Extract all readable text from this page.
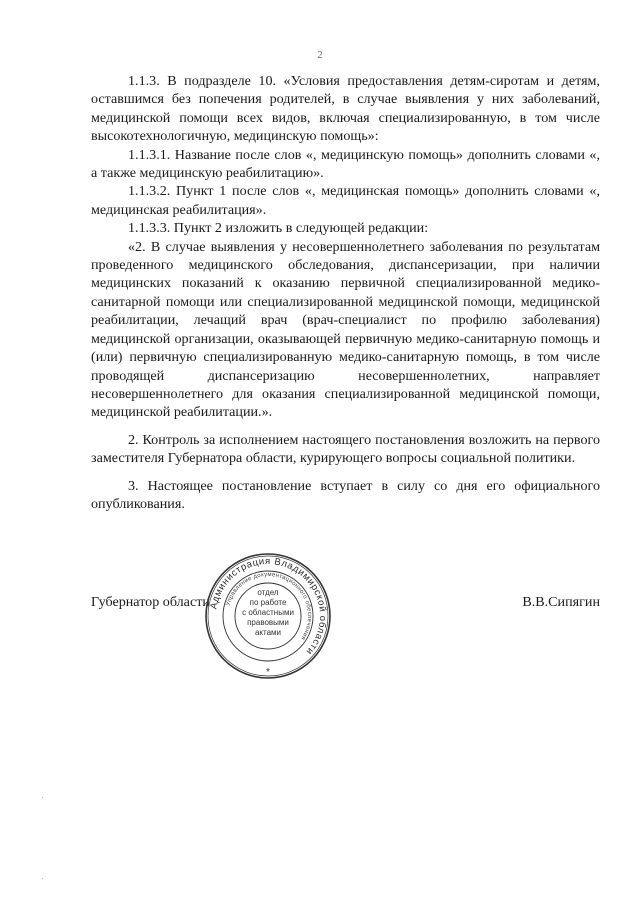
2

1.1.3. В подразделе 10. «Условия предоставления детям-сиротам и детям, оставшимся без попечения родителей, в случае выявления у них заболеваний, медицинской помощи всех видов, включая специализированную, в том числе высокотехнологичную, медицинскую помощь»:

1.1.3.1. Название после слов «, медицинскую помощь» дополнить словами «, а также медицинскую реабилитацию».

1.1.3.2. Пункт 1 после слов «, медицинская помощь» дополнить словами «, медицинская реабилитация».

1.1.3.3. Пункт 2 изложить в следующей редакции:

«2. В случае выявления у несовершеннолетнего заболевания по результатам проведенного медицинского обследования, диспансеризации, при наличии медицинских показаний к оказанию первичной специализированной медико-санитарной помощи или специализированной медицинской помощи, медицинской реабилитации, лечащий врач (врач-специалист по профилю заболевания) медицинской организации, оказывающей первичную медико-санитарную помощь и (или) первичную специализированную медико-санитарную помощь, в том числе проводящей диспансеризацию несовершеннолетних, направляет несовершеннолетнего для оказания специализированной медицинской помощи, медицинской реабилитации.».

2. Контроль за исполнением настоящего постановления возложить на первого заместителя Губернатора области, курирующего вопросы социальной политики.

3. Настоящее постановление вступает в силу со дня его официального опубликования.

Губернатор области	В.В.Сипягин
Администрация Владимирской области
Управление документационного обеспечения
*
отдел
по работе
с областными
правовыми
актами
